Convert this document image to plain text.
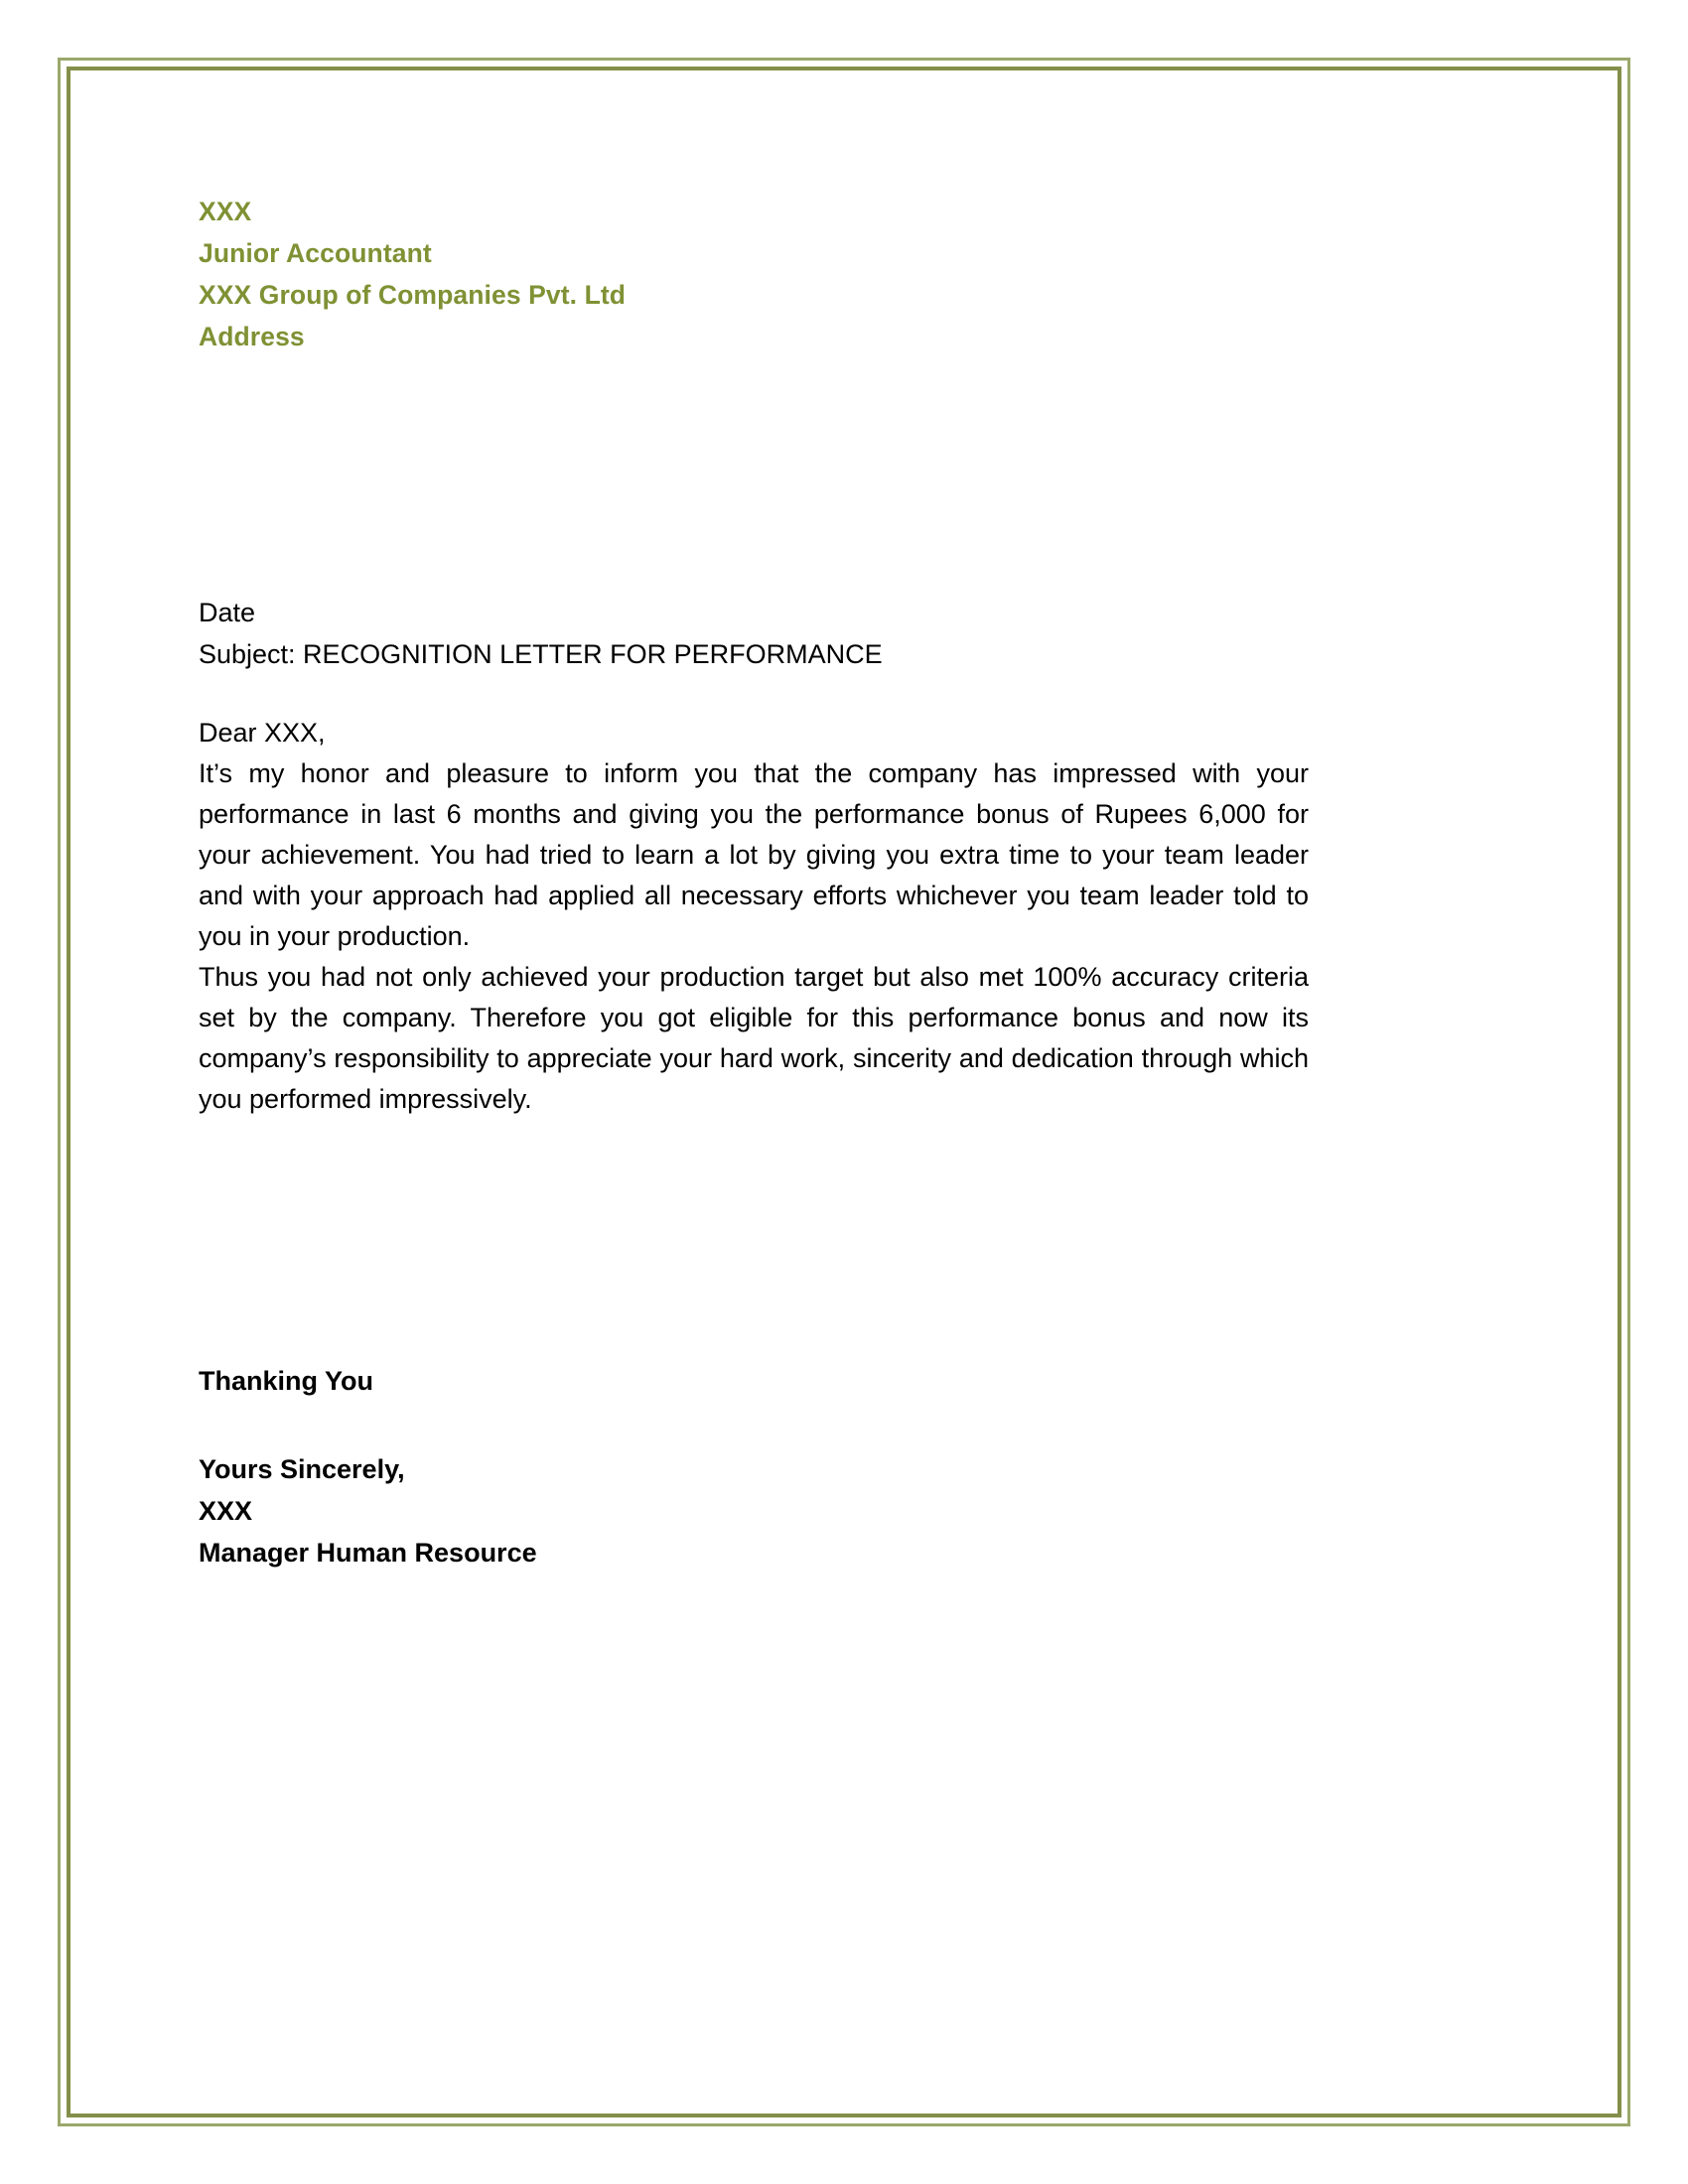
XXX
Junior Accountant
XXX Group of Companies Pvt. Ltd
Address
Date
Subject: RECOGNITION LETTER FOR PERFORMANCE
Dear XXX,

It’s my honor and pleasure to inform you that the company has impressed with your performance in last 6 months and giving you the performance bonus of Rupees 6,000 for your achievement. You had tried to learn a lot by giving you extra time to your team leader and with your approach had applied all necessary efforts whichever you team leader told to you in your production.

Thus you had not only achieved your production target but also met 100% accuracy criteria set by the company. Therefore you got eligible for this performance bonus and now its company’s responsibility to appreciate your hard work, sincerity and dedication through which you performed impressively.

Thanking You
Yours Sincerely,
XXX
Manager Human Resource
